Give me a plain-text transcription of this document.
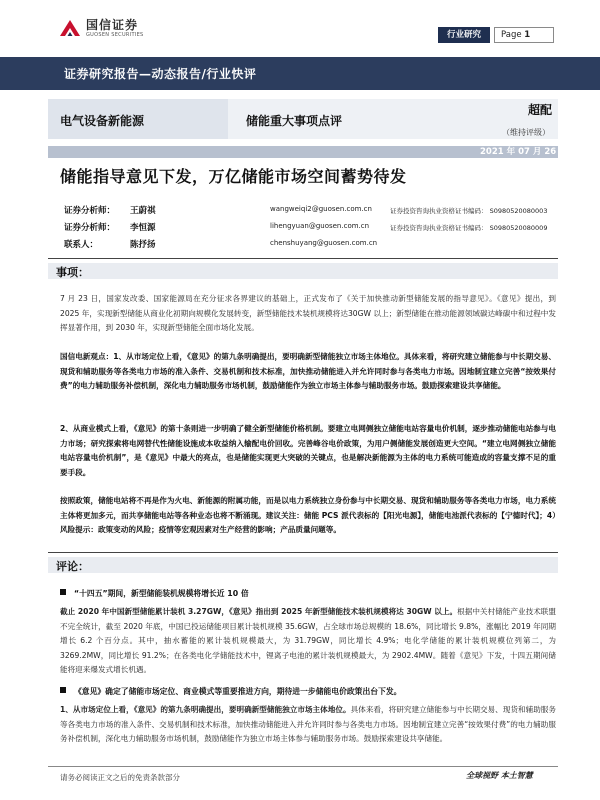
国信证券
GUOSEN SECURITIES	行业研究	Page 1
证券研究报告—动态报告/行业快评
电气设备新能源	储能重大事项点评
超配
（维持评级）
2021 年 07 月 26 日
储能指导意见下发，万亿储能市场空间蓄势待发
证券分析师： 王蔚祺	wangweiqi2@guosen.com.cn	证券投资咨询执业资格证书编码： S0980520080003
证券分析师： 李恒源	lihengyuan@guosen.com.cn	证券投资咨询执业资格证书编码： S0980520080009
联系人：	陈抒扬	chenshuyang@guosen.com.cn
事项：
7 月 23 日，国家发改委、国家能源局在充分征求各界建议的基础上，正式发布了《关于加快推动新型储能发展的指导意见》。《意见》提出，到 2025 年，实现新型储能从商业化初期向规模化发展转变，新型储能技术装机规模将达30GW 以上；新型储能在推动能源领域碳达峰碳中和过程中发挥显著作用，到 2030 年，实现新型储能全面市场化发展。
国信电新观点：1、从市场定位上看，《意见》的第九条明确提出，要明确新型储能独立市场主体地位。具体来看，将研究建立储能参与中长期交易、现货和辅助服务等各类电力市场的准入条件、交易机制和技术标准，加快推动储能进入并允许同时参与各类电力市场。因地制宜建立完善“按效果付费”的电力辅助服务补偿机制，深化电力辅助服务市场机制，鼓励储能作为独立市场主体参与辅助服务市场。鼓励探索建设共享储能。
2、从商业模式上看，《意见》的第十条则进一步明确了健全新型储能价格机制。要建立电网侧独立储能电站容量电价机制，逐步推动储能电站参与电力市场；研究探索将电网替代性储能设施成本收益纳入输配电价回收。完善峰谷电价政策，为用户侧储能发展创造更大空间。“建立电网侧独立储能电站容量电价机制”，是《意见》中最大的亮点，也是储能实现更大突破的关键点，也是解决新能源为主体的电力系统可能造成的容量支撑不足的重要手段。
按照政策，储能电站将不再是作为火电、新能源的附属功能，而是以电力系统独立身份参与中长期交易、现货和辅助服务等各类电力市场，电力系统主体将更加多元，而共享储能电站等各种业态也将不断涌现。建议关注：储能 PCS 派代表标的【阳光电源】，储能电池派代表标的【宁德时代】；4）风险提示：政策变动的风险；疫情等宏观因素对生产经营的影响；产品质量问题等。
评论：
“十四五”期间，新型储能装机规模将增长近 10 倍
截止 2020 年中国新型储能累计装机 3.27GW，《意见》指出到 2025 年新型储能技术装机规模将达 30GW 以上。根据中关村储能产业技术联盟不完全统计，截至 2020 年底，中国已投运储能项目累计装机规模 35.6GW，占全球市场总规模的 18.6%，同比增长 9.8%，涨幅比 2019 年同期增长 6.2 个百分点。其中，抽水蓄能的累计装机规模最大，为 31.79GW，同比增长 4.9%；电化学储能的累计装机规模位列第二，为 3269.2MW，同比增长 91.2%；在各类电化学储能技术中，锂离子电池的累计装机规模最大，为 2902.4MW。随着《意见》下发，十四五期间储能将迎来爆发式增长机遇。
《意见》确定了储能市场定位、商业模式等重要推进方向，期待进一步储能电价政策出台下发。
1、从市场定位上看，《意见》的第九条明确提出，要明确新型储能独立市场主体地位。具体来看，将研究建立储能参与中长期交易、现货和辅助服务等各类电力市场的准入条件、交易机制和技术标准，加快推动储能进入并允许同时参与各类电力市场。因地制宜建立完善“按效果付费”的电力辅助服务补偿机制，深化电力辅助服务市场机制，鼓励储能作为独立市场主体参与辅助服务市场。鼓励探索建设共享储能。
请务必阅读正文之后的免责条款部分	全球视野 本土智慧
